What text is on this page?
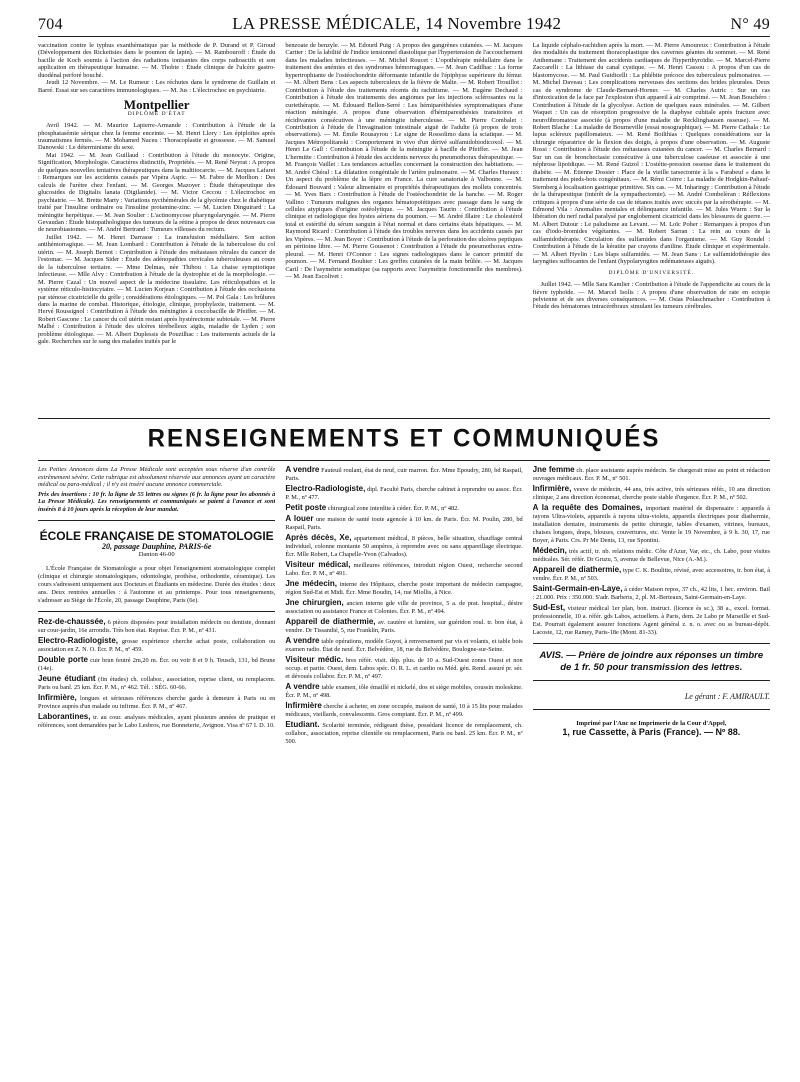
704	LA PRESSE MÉDICALE, 14 Novembre 1942	N° 49

vaccination contre le typhus exanthématique par la méthode de P. Durand et P. Giroud (Développement des Rickettsies dans le poumon de lapin). — M. Rambouroff : Étude du bacille de Koch soumis à l'action des radiations ionisantes des corps radioactifs et son application en thérapeutique humaine. — M. Thobie : Étude clinique de l'ulcère gastro-duodénal perforé bouché.

Jeudi 12 Novembre. — M. Le Rumeur : Les réchutes dans le syndrome de Guillain et Barré. Essai sur ses caractères immunologiques. — M. Jus : L'électrochoc en psychiatrie.

Montpellier
DIPLÔME D'ÉTAT

Avril 1942. — M. Maurice Lapierre-Armande : Contribution à l'étude de la phosphatasémie sérique chez la femme enceinte. — M. Henri Llory : Les épiploïtes aprés traumatismes fermés. — M. Mohamed Naceu : Thoracoplastie et grossesse. — M. Samuel Danowski : Le déterminisme du sexe.

Mai 1942. — M. Jean Guillaud : Contribution à l'étude du monocyte. Origine, Signification, Morphologie. Caractères distinctifs, Propriétés. — M. René Neyrat : A propos de quelques nouvelles tentatives thérapeutiques dans la maltitocarcie. — M. Jacques Lafaret : Remarques sur les accidents causés par Vipèra Aspic. — M. Fabre de Morlhon : Des calculs de l'urètre chez l'enfant. — M. Georges Mazoyer : Étude thérapeutique des glucosides de Digitalis lanata (Digilanide). — M. Victor Ceccou : L'électrochoc en psychiatrie. — M. Brette Marty : Variations nycthémérales de la glycémie chez le diabétique traité par l'insuline ordinaire ou l'insuline protamine-zinc. — M. Lucien Dinguirard : La méningite herpétique. — M. Jean Soulier : L'actinomycose pharyngolaryngée. — M. Pierre Gevaudan : Étude histopathologique des tumeurs de la rétine à propos de deux nouveaux cas de neurobiastomes. — M. André Bertrand : Tumeurs villeuses du rectum.

Juillet 1942. — M. Henri Darrasse : La transfusion médullaire. Son action antihémorragique. — M. Jean Lombard : Contribution à l'étude de la tuberculose du col utérin. — M. Joseph Bernot : Contribution à l'étude des métastases rétrales du cancer de l'estomac. — M. Jacques Sider : Étude des adénopathies cervicales tuberculeuses au cours de la tuberculose tertiaire. — Mme Delmas, née Thibou : La chaise symptiotique infectieuse. — Mlle Alvy : Contribution à l'étude de la dystrophie et de la morphologie. — M. Pierre Cazal : Un nouvel aspect de la médecine tissulaire. Les réticulopathies et le système réticulo-histiocytaire. — M. Lucien Korjean : Contribution à l'étude des occlusions par sténose cicatricielle du grêle ; considérations étiologiques. — M. Pol Gala : Les brûlures dans la marine de combat. Historique, étiologie, clinique, prophylaxie, traitement. — M. Hervé Roussignol : Contribution à l'étude des méningites à coccobacille de Pfeiffer. — M. Robert Gascone : Le cancer du col utérin restant après hystérectomie subtotale. — M. Pierre Malhé : Contribution à l'étude des ulcères térébelleux aigüs, maladie de Lyden ; son problème étiologique. — M. Albert Duplessis de Pouzilhac : Les traitements actuels de la gale. Recherches sur le sang des malades traités par le

benzoate de benzyle. — M. Edourd Puig : A propos des gangrènes cutanées. — M. Jacques Cartier : De la labilité de l'indice tensionnel diastolique par l'hypertension de l'accouchement dans les maladies infectieuses. — M. Michel Roucet : L'opothérapie médullaire dans le traitement des anémies et des syndromes hémorragiques. — M. Jean Cadilhac : La forme hypertrophiante de l'ostéochondrite déformante infantile de l'épiphyse supérieure du fémur. — M. Albert Bens : Les aspects tuberculeux de la fièvre de Malte. — M. Robert Trouillot : Contribution à l'étude des traitements récents du rachitisme. — M. Eugène Dechaud : Contribution à l'étude des traitements des angiomes par les injections sclérosantes ou la curiethérapie. — M. Édouard Bellon-Serré : Les hémiparéthésies symptomatiques d'une réaction méningée. A propos d'une observation d'hémiparesthésies transitoires et récidivantes consécutives à une méningite tuberculeuse. — M. Pierre Combalet : Contribution à l'étude de l'invagination intestinale aiguë de l'adulte (à propos de trois observations). — M. Émile Rousayrou : Le signe de Rossolimo dans la sciatique. — M. Jacques Métropolitanski : Comportement in vivo d'un dérivé sulfamidobiodicoxol. — M. Henri Le Gall : Contribution à l'étude de la méningite à bacille de Pfeiffer. — M. Jean L'hermitte : Contribution à l'étude des accidents nerveux du pneumothorax thérapeutique. — M. François Vaillet : Les tendances actuelles concernant la construction des habitations. — M. André Chéral : La dilatation congénitale de l'artère pulmonaire. — M. Charles Huraux : Un aspect du problème de la lèpre en France. La cure sanatoriale à Valbonne. — M. Édouard Bouvard : Valeur alimentaire et propriétés thérapeutiques des mollets concentrés. — M. Yves Bars : Contribution à l'étude de l'ostéochondrite de la hanche. — M. Roger Vallino : Tumeurs malignes des organes hématopoïétiques avec passage dans le sang de cellules atypiques d'origine ostéolytique. — M. Jacques Taurin : Contribution à l'étude clinique et radiologique des hystes aériens du poumon. — M. André Illaire : Le cholestérol total et estérifié du sérum sanguin à l'état normal et dans certains états hépatiques. — M. Raymond Ricard : Contribution à l'étude des troubles nerveux dans les accidents causés par les Vipères. — M. Jean Boyer : Contribution à l'étude de la perforation des ulcères peptiques en péritoine libre. — M. Pierre Gousenot : Contribution à l'étude du pneumothorax extra-pleural. — M. Henri O'Connor : Les signes radiologiques dans le cancer primitif du poumon. — M. Fernand Bouhier : Les greffes cutanées de la main brûlée. — M. Jacques Caril : De l'asymétrie somatique (sa rapports avec l'asymétrie fonctionnelle des membres). — M. Jean Escolivet :

La liquide céphalo-rachidien après la mort. — M. Pierre Amoureux : Contribution à l'étude des modalités du traitement thoracoplastique des cavernes géantes du sommet. — M. René Anthemane : Traitement des accidents cardiaques de l'hyperthyroïdie. — M. Marcel-Pierre Zaccarelli : La lithiase du canal cystique. — M. Henri Cassou : A propos d'un cas de blastomycose. — M. Paul Guidicelli : La phlébite précoce des tuberculeux pulmonaires. — M. Michel Daveau : Les complications nerveuses des sections des brides pleurales. Deux cas de syndrome de Claude-Bernard-Horner. — M. Charles Autric : Sur un cas d'intoxication de la face par l'explosion d'un appareil à air comprimé. — M. Jean Bouchéro : Contribution à l'étude de la glycolyse. Action de quelques eaux minérales. — M. Gilbert Waquet : Un cas de résorption progressive de la diaphyse cubitale après fracture avec neurofibromatose associée (à propos d'une maladie de Recklinghausen osseuse). — M. Robert Blache : La maladie de Bourneville (essai nosographique). — M. Pierre Cathala : Le lupus scléreux papillomateux. — M. René Boilthias : Quelques considérations sur la chirurgie réparatrice de la flexion des doigts, à propos d'une observation. — M. Auguste Rossi : Contribution à l'étude des métastases cutanées du cancer. — M. Charles Bernard : Sur un cas de bronchectasie consécutive à une tuberculose caséeuse et associée à une néphrose lipoïdique. — M. René Guizol : L'ostéite-pression osseuse dans le traitement du diabète. — M. Étienne Dossier : Place de la vieille tarsectomie à la « Farabeuf » dans le traitement des pieds-bots congénitaux. — M. Rémi Coirre : La maladie de Hodgkin-Paltauf-Sternberg à localisation gastrique primitive. Six cas. — M. Inharingy : Contribution à l'étude de la thérapeutique (intérêt de la sympathectomie). — M. André Combelèran : Réflexions critiques à propos d'une série de cas de tétanos traités avec succès par la sérothérapie. — M. Edmond Vila : Anomalies mentales et délinquance infantile. — M. Jules Wurm : Sur la libération du nerf radial paralysé par englobement cicatriciel dans les blessures de guerre. — M. Albert Dutour : Le paludisme au Levant. — M. Loïc Poher : Remarques à propos d'un cas d'iodo-bromides végétantes. — M. Robert Sarran : La rein au cours de la sulfamidothérapie. Circulation des sulfamides dans l'organisme. — M. Guy Rondel : Contribution à l'étude de la kératite par crayons d'aniline. Étude clinique et expérimentale. — M. Albert Hyvlin : Les blaps sulfamidés. — M. Jean Sans : Le sulfamidothérapie des laryngites suffocantes de l'enfant (hypolaryngites œdémateuses aiguës).

DIPLÔME D'UNIVERSITÉ.

Juillet 1942. — Mlle Sara Kamlier : Contribution à l'étude de l'appendicite au cours de la fièvre typhoïde. — M. Marcel Isolis : A propos d'une observation de rate en ectopie pelvienne et de ses diverses conséquences. — M. Osias Polaschmacher : Contribution à l'étude des hématomes intracérébraux simulant les tumeurs cérébrales.

RENSEIGNEMENTS ET COMMUNIQUÉS

Les Petites Annonces dans La Presse Médicale sont acceptées sous réserve d'un contrôle extrêmement sévère. Cette rubrique est absolument réservée aux annonces ayant un caractère médical ou para-médical ; il n'y est inséré aucune annonce commerciale.

Prix des insertions : 10 fr. la ligne de 55 lettres ou signes (6 fr. la ligne pour les abonnés à La Presse Médicale). Les renseignements et communiqués se paient à l'avance et sont insérés 8 à 10 jours après la réception de leur mandat.

ÉCOLE FRANÇAISE DE STOMATOLOGIE
20, passage Dauphine, PARIS-6e
Danton 46-00

L'École Française de Stomatologie a pour objet l'enseignement stomatologique complet (clinique et chirurgie stomatologiques, odontologie, prothèse, orthodontie, céramique). Les cours s'adressent uniquement aux Docteurs et Étudiants en médecine. Durée des études : deux ans. Deux rentrées annuelles : à l'automne et au printemps. Pour tous renseignements, s'adresser au Siège de l'École, 20, passage Dauphine, Paris (6e).

Rez-de-chaussée, 6 pièces disposées pour installation médecin ou dentiste, donnant sur cour-jardin, 16e arrondis. Très bon état. Reprise. Écr. P. M., nº 431.

Electro-Radiologiste, grosse expérience cherche achat poste, collaboration ou association en Z. N. O. Écr. P. M., nº 459.

Double porte cuir brun feutré 2m,20 m. Écr. ou voir 8 et 9 h. Teusch, 131, bd Brune (14e).

Jeune étudiant (fin études) ch. collabor., association, reprise client, ou remplacem. Paris ou banl. 25 km. Écr. P. M., nº 462. Tél. : SÉG. 60-66.

Infirmière, longues et sérieuses références cherche garde à demeure à Paris ou en Province auprès d'un malade ou infirme. Écr. P. M., nº 467.

Laborantines, tr. au cour. analyses médicales, ayant plusieurs années de pratique et références, sont demandées par le Labo Lesbros, rue Bonneterie, Avignon. Visa nº 67 I. D. 10.

A vendre Fauteuil roulant, état de neuf, cuir marron. Écr. Mme Epoudry, 280, bd Raspail, Paris.

Electro-Radiologiste, dipl. Faculté Paris, cherche cabinet à reprendre ou assoc. Écr. P. M., nº 477.

Petit poste chirurgical zone interdite à céder. Écr. P. M., nº 482.

A louer une maison de santé toute agencée à 10 km. de Paris. Écr. M. Poulin, 280, bd Raspail, Paris.

Après décès, Xe, appartement médical, 8 pièces, belle situation, chauffage central individuel, colonne montante 50 ampères, à reprendre avec ou sans appareillage électrique. Écr. Mlle Robert, La Chapelle-Yvon (Calvados).

Visiteur médical, meilleures références, introduit région Ouest, recherche second Labo. Écr. P. M., nº 491.

Jne médecin, interne des Hôpitaux, cherche poste important de médecin campagne, région Sud-Est et Midi. Écr. Mme Boudin, 14, rue Miollis, à Nice.

Jne chirurgien, ancien interne gde ville de province, 5 a. de prat. hospital., désire association ou assistance France et Colonies. Écr. P. M., nº 494.

Appareil de diathermie, av. cautère et lumière, sur guéridon roul. tr. bon état, à vendre. Dr Tissandié, 5, rue Franklin, Paris.

A vendre table opérations, modèle Guyot, à renversement par vis et volants, et table bois examen radio. État de neuf. Écr. Belvédère, 18, rue du Belvédère, Boulogne-sur-Seine.

Visiteur médic. bres référ. visit. dép. plus. de 10 a. Sud-Ouest zones Ouest et non occup. et partie. Ouest, dem. Labos spéc. O. R. L. et cardio ou Méd. gén. Rend. assuré pr. sér. et dévoués collabor. Écr. P. M., nº 497.

A vendre table examen, tôle émaillé et nickelé, dos et siège mobiles, coussin moleskine. Écr. P. M., nº 498.

Infirmière cherche à acheter, en zone occupée, maison de santé, 10 à 15 lits pour malades médicaux, vieillards, convalescents. Gros comptant. Écr. P. M., nº 499.

Etudiant. Scolarité terminée, rédigeant thèse, possédant licence de remplacement, ch. collabor., association, reprise clientèle ou remplacement, Paris ou banl. 25 km. Écr. P. M., nº 500.

Jne femme ch. place assistante auprès médecin. Se chargerait mise au point et rédaction ouvrages médicaux. Écr. P. M., nº 501.

Infirmière, veuve de médecin, 44 ans, très active, très sérieuses référ., 10 ans direction clinique, 2 ans direction économat, cherche poste stable d'urgence. Écr. P. M., nº 502.

A la requête des Domaines, important matériel de dispensaire : appareils à rayons Ultra-violets, appareils à rayons ultra-violets, appareils électriques pour diathermie, installation dentaire, instruments de petite chirurgie, tables d'examen, vitrines, bureaux, chaises longues, draps, blouses, couvertures, etc. Vente le 19 Novembre, à 9 h. 30, 17, rue Boyer, à Paris. Crs. Pr Me Denis, 13, rue Spontini.

Médecin, très actif, tr. nb. relations médic. Côte d'Azur, Var, etc., ch. Labo, pour visites médicales. Sér. référ. Dr Gruzu, 5, avenue de Bellevue, Nice (A.-M.).

Appareil de diathermie, type C. K. Boulitte, révisé, avec accessoires, tr. bon état, à vendre. Écr. P. M., nº 503.

Saint-Germain-en-Laye, à céder Maison repos, 37 ch., 42 lits, 1 hec. environ. Bail : 21.000. Prix : 350.000. S'adr. Barberis, 2, pl. M.-Berteaux, Saint-Germain-en-Laye.

Sud-Est, visiteur médical 1er plan, bon. instruct. (licence ès sc.), 38 a., excel. format. professionnelle, 10 a. référ. gds Labos, actuellem. à Paris, dem. 2e Labo pr Marseille et Sud-Est. Pourrait également assurer fonctions Agent général z. n. o. avec ou ss bureau-dépôt. Lacoste, 12, rue Ramey, Paris-18e (Mont. 81-33).

AVIS. — Prière de joindre aux réponses un timbre de 1 fr. 50 pour transmission des lettres.
Le gérant : F. AMIRAULT.
Imprimé par l'Anc ne Imprimerie de la Cour d'Appel,
1, rue Cassette, à Paris (France). — Nº 88.
